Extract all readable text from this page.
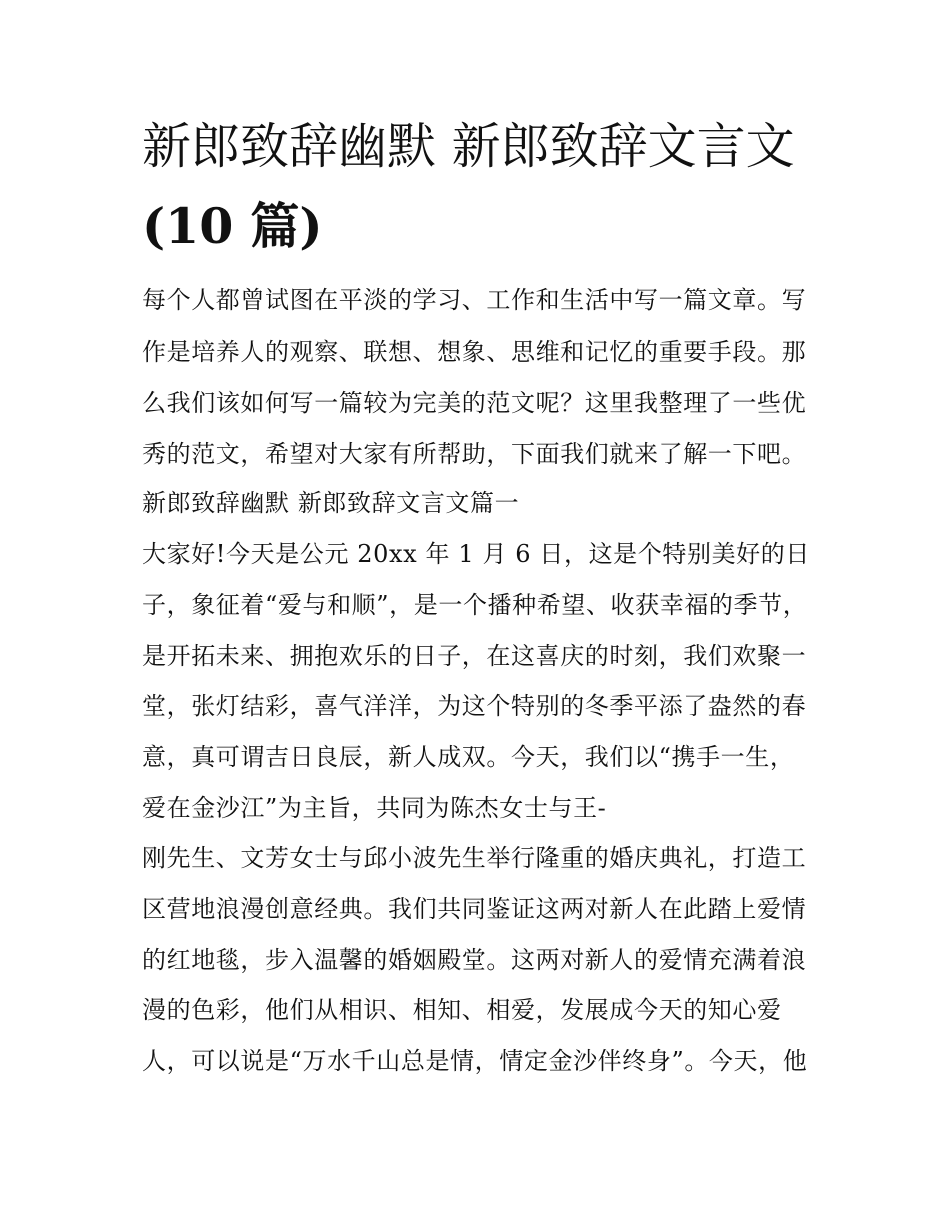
新郎致辞幽默 新郎致辞文言文
(10 篇)
每个人都曾试图在平淡的学习、工作和生活中写一篇文章。写
作是培养人的观察、联想、想象、思维和记忆的重要手段。那
么我们该如何写一篇较为完美的范文呢？这里我整理了一些优
秀的范文，希望对大家有所帮助，下面我们就来了解一下吧。
新郎致辞幽默 新郎致辞文言文篇一
大家好!今天是公元 20xx 年 1 月 6 日，这是个特别美好的日
子，象征着“爱与和顺”，是一个播种希望、收获幸福的季节，
是开拓未来、拥抱欢乐的日子，在这喜庆的时刻，我们欢聚一
堂，张灯结彩，喜气洋洋，为这个特别的冬季平添了盎然的春
意，真可谓吉日良辰，新人成双。今天，我们以“携手一生，
爱在金沙江”为主旨，共同为陈杰女士与王-
刚先生、文芳女士与邱小波先生举行隆重的婚庆典礼，打造工
区营地浪漫创意经典。我们共同鉴证这两对新人在此踏上爱情
的红地毯，步入温馨的婚姻殿堂。这两对新人的爱情充满着浪
漫的色彩，他们从相识、相知、相爱，发展成今天的知心爱
人，可以说是“万水千山总是情，情定金沙伴终身”。今天，他
